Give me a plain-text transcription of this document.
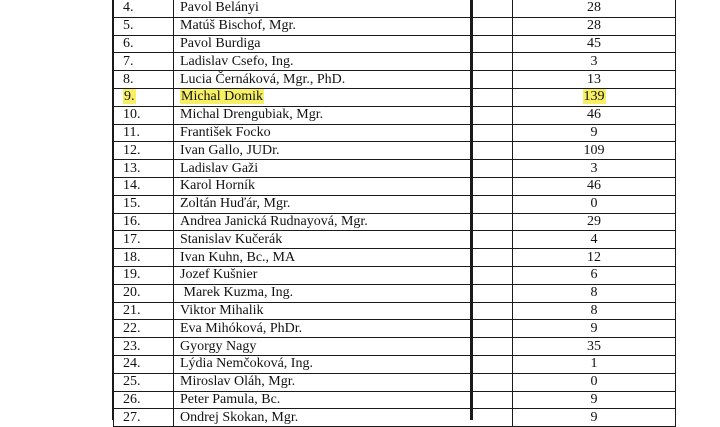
4.	Pavol Belányi	28
5.	Matúš Bischof, Mgr.	28
6.	Pavol Burdiga	45
7.	Ladislav Csefo, Ing.	3
8.	Lucia Černáková, Mgr., PhD.	13
9.	Michal Domik	139
10.	Michal Drengubiak, Mgr.	46
11.	František Focko	9
12.	Ivan Gallo, JUDr.	109
13.	Ladislav Gaži	3
14.	Karol Horník	46
15.	Zoltán Huďár, Mgr.	0
16.	Andrea Janická Rudnayová, Mgr.	29
17.	Stanislav Kučerák	4
18.	Ivan Kuhn, Bc., MA	12
19.	Jozef Kušnier	6
20.	Marek Kuzma, Ing.	8
21.	Viktor Mihalik	8
22.	Eva Mihóková, PhDr.	9
23.	Gyorgy Nagy	35
24.	Lýdia Nemčoková, Ing.	1
25.	Miroslav Oláh, Mgr.	0
26.	Peter Pamula, Bc.	9
27.	Ondrej Skokan, Mgr.	9
